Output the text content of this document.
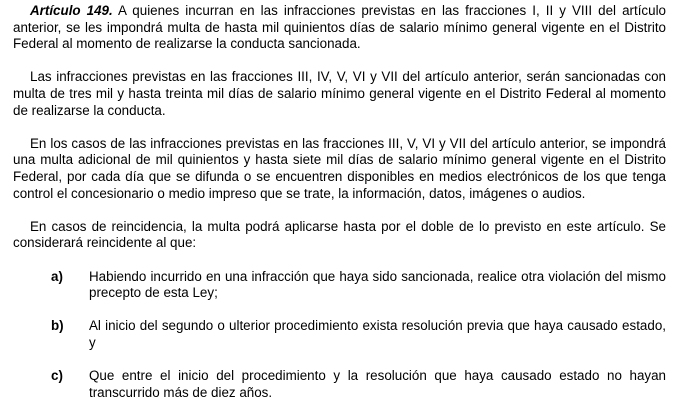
Artículo 149. A quienes incurran en las infracciones previstas en las fracciones I, II y VIII del artículo anterior, se les impondrá multa de hasta mil quinientos días de salario mínimo general vigente en el Distrito Federal al momento de realizarse la conducta sancionada.

Las infracciones previstas en las fracciones III, IV, V, VI y VII del artículo anterior, serán sancionadas con multa de tres mil y hasta treinta mil días de salario mínimo general vigente en el Distrito Federal al momento de realizarse la conducta.

En los casos de las infracciones previstas en las fracciones III, V, VI y VII del artículo anterior, se impondrá una multa adicional de mil quinientos y hasta siete mil días de salario mínimo general vigente en el Distrito Federal, por cada día que se difunda o se encuentren disponibles en medios electrónicos de los que tenga control el concesionario o medio impreso que se trate, la información, datos, imágenes o audios.

En casos de reincidencia, la multa podrá aplicarse hasta por el doble de lo previsto en este artículo. Se considerará reincidente al que:

a)	Habiendo incurrido en una infracción que haya sido sancionada, realice otra violación del mismo precepto de esta Ley;
b)	Al inicio del segundo o ulterior procedimiento exista resolución previa que haya causado estado, y
c)	Que entre el inicio del procedimiento y la resolución que haya causado estado no hayan transcurrido más de diez años.
